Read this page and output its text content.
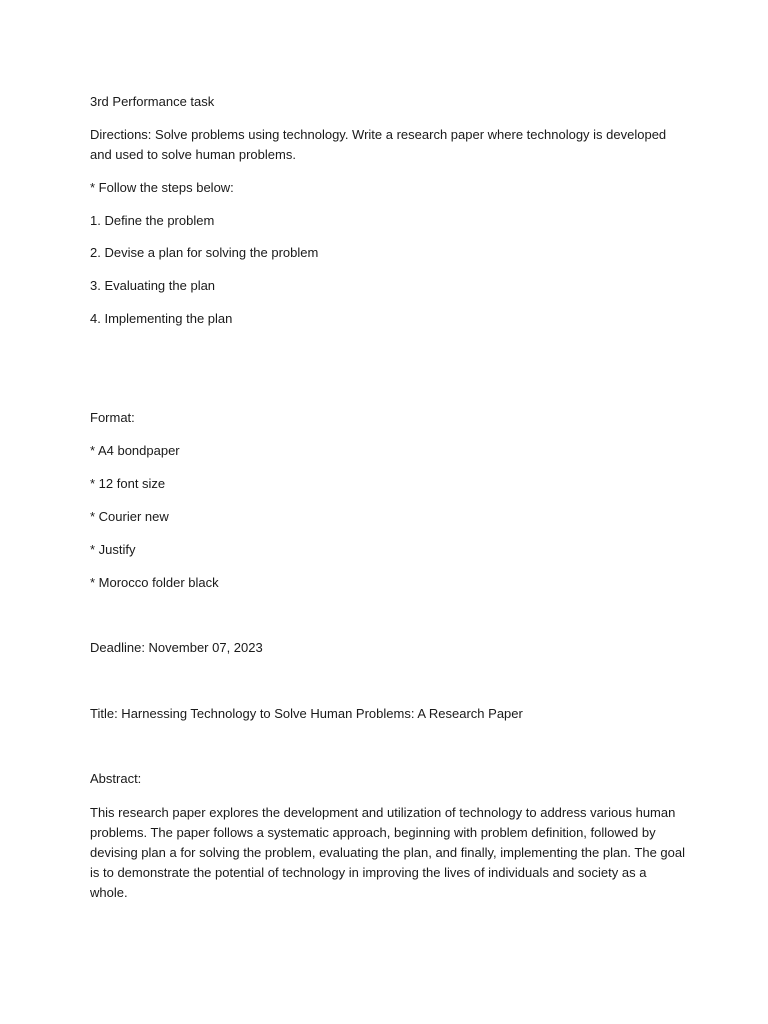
3rd Performance task

Directions: Solve problems using technology. Write a research paper where technology is developed and used to solve human problems.

* Follow the steps below:

1. Define the problem

2. Devise a plan for solving the problem

3. Evaluating the plan

4. Implementing the plan

Format:

* A4 bondpaper

* 12 font size

* Courier new

* Justify

* Morocco folder black

Deadline: November 07, 2023

Title: Harnessing Technology to Solve Human Problems: A Research Paper

Abstract:

This research paper explores the development and utilization of technology to address various human problems. The paper follows a systematic approach, beginning with problem definition, followed by devising plan a for solving the problem, evaluating the plan, and finally, implementing the plan. The goal is to demonstrate the potential of technology in improving the lives of individuals and society as a whole.
